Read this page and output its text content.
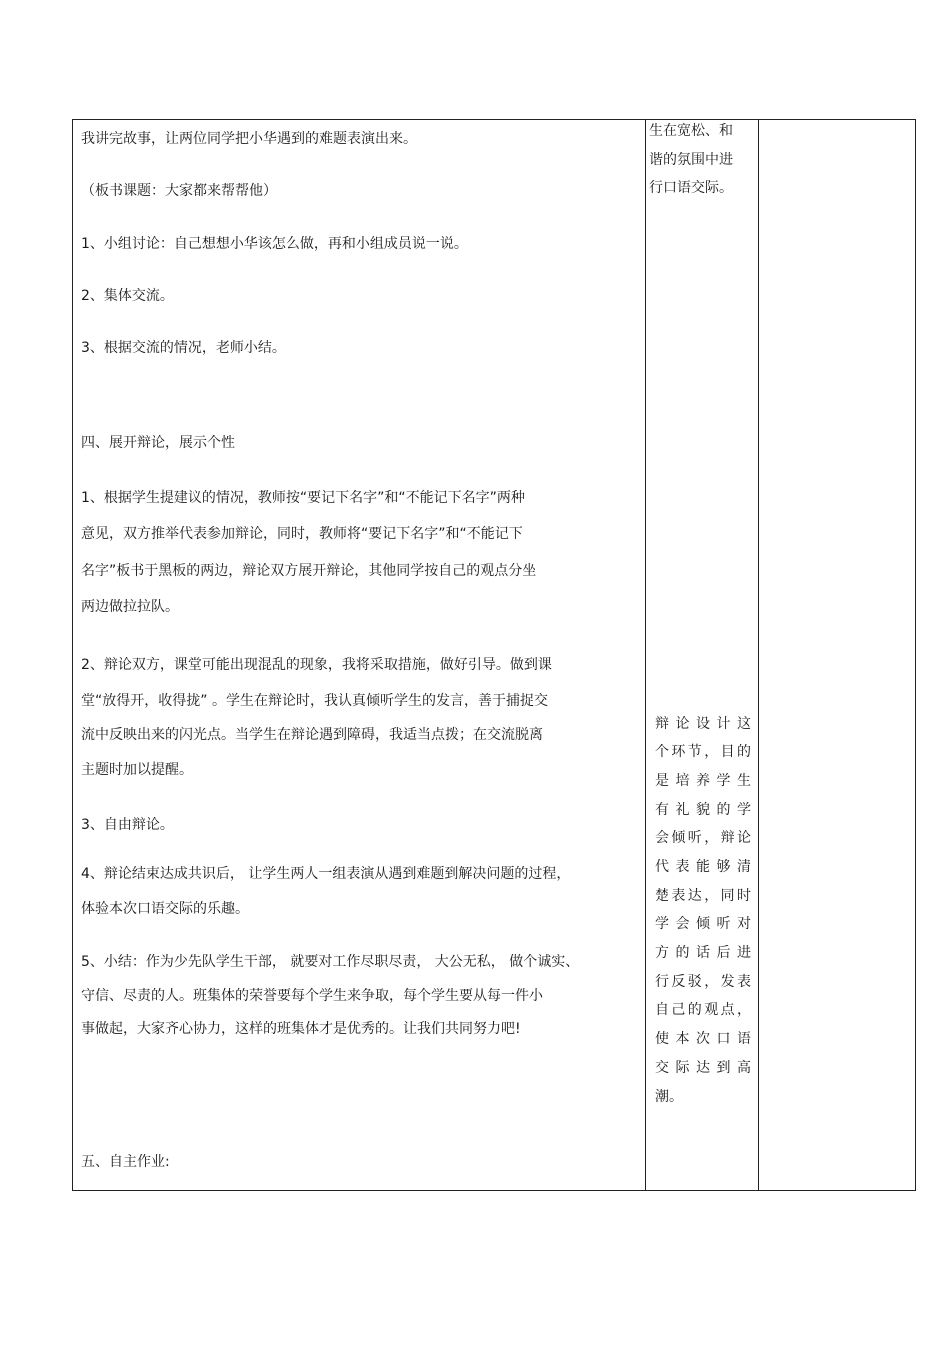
我讲完故事，让两位同学把小华遇到的难题表演出来。
（板书课题：大家都来帮帮他）
1、小组讨论：自己想想小华该怎么做，再和小组成员说一说。
2、集体交流。
3、根据交流的情况，老师小结。
四、展开辩论，展示个性
1、根据学生提建议的情况，教师按“要记下名字”和“不能记下名字”两种
意见，双方推举代表参加辩论，同时，教师将“要记下名字”和“不能记下
名字”板书于黑板的两边，辩论双方展开辩论，其他同学按自己的观点分坐
两边做拉拉队。
2、辩论双方，课堂可能出现混乱的现象，我将采取措施，做好引导。做到课
堂“放得开，收得拢” 。学生在辩论时，我认真倾听学生的发言，善于捕捉交
流中反映出来的闪光点。当学生在辩论遇到障碍，我适当点拨；在交流脱离
主题时加以提醒。
3、自由辩论。
4、辩论结束达成共识后， 让学生两人一组表演从遇到难题到解决问题的过程，
体验本次口语交际的乐趣。
5、小结：作为少先队学生干部， 就要对工作尽职尽责， 大公无私， 做个诚实、
守信、尽责的人。班集体的荣誉要每个学生来争取，每个学生要从每一件小
事做起，大家齐心协力，这样的班集体才是优秀的。让我们共同努力吧!
五、自主作业:
生在宽松、和
谐的氛围中进
行口语交际。
辩论设计这
个环节，目的
是培养学生
有礼貌的学
会倾听，辩论
代表能够清
楚表达，同时
学会倾听对
方的话后进
行反驳，发表
自己的观点，
使本次口语
交际达到高
潮。
